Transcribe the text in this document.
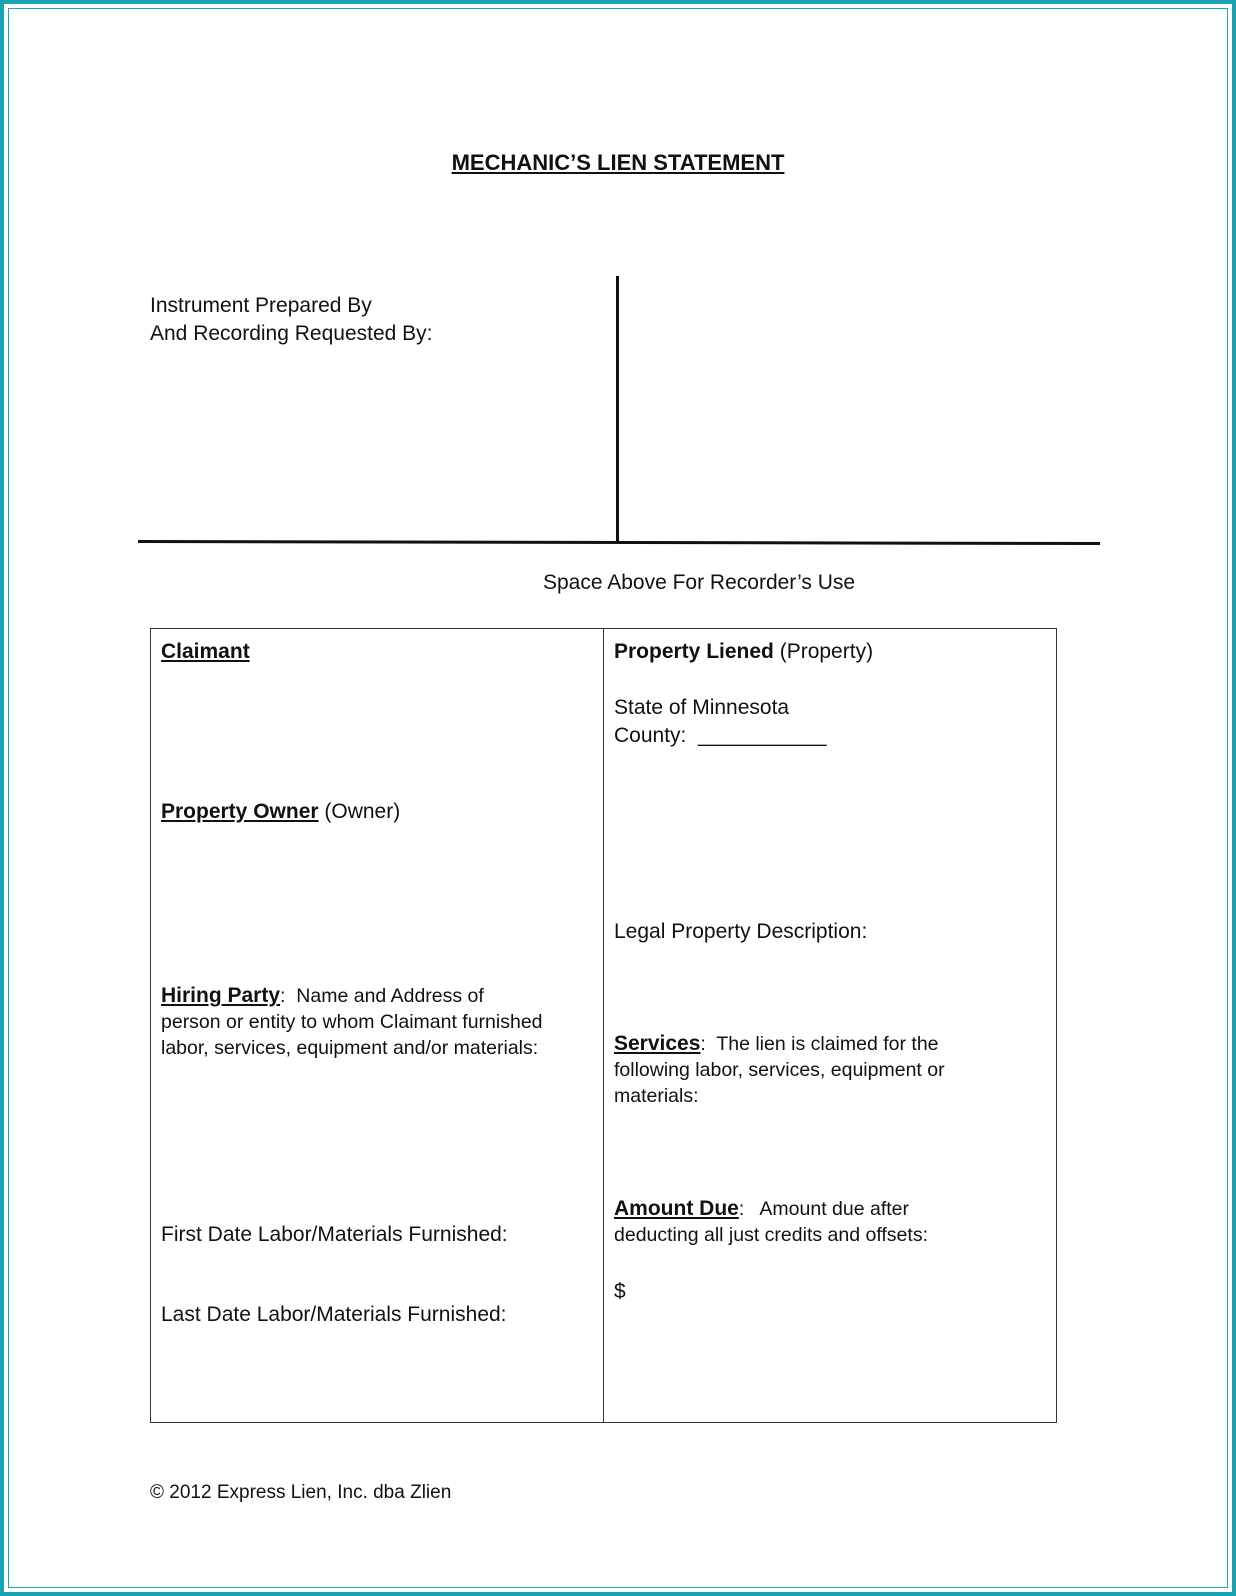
MECHANIC’S LIEN STATEMENT
Instrument Prepared By
And Recording Requested By:
Space Above For Recorder’s Use
Claimant
Property Owner (Owner)
Hiring Party:  Name and Address of
person or entity to whom Claimant furnished
labor, services, equipment and/or materials:
First Date Labor/Materials Furnished:
Last Date Labor/Materials Furnished:
Property Liened (Property)
State of Minnesota
County:  ___________
Legal Property Description:
Services:  The lien is claimed for the
following labor, services, equipment or
materials:
Amount Due:   Amount due after
deducting all just credits and offsets:
$
© 2012 Express Lien, Inc. dba Zlien
